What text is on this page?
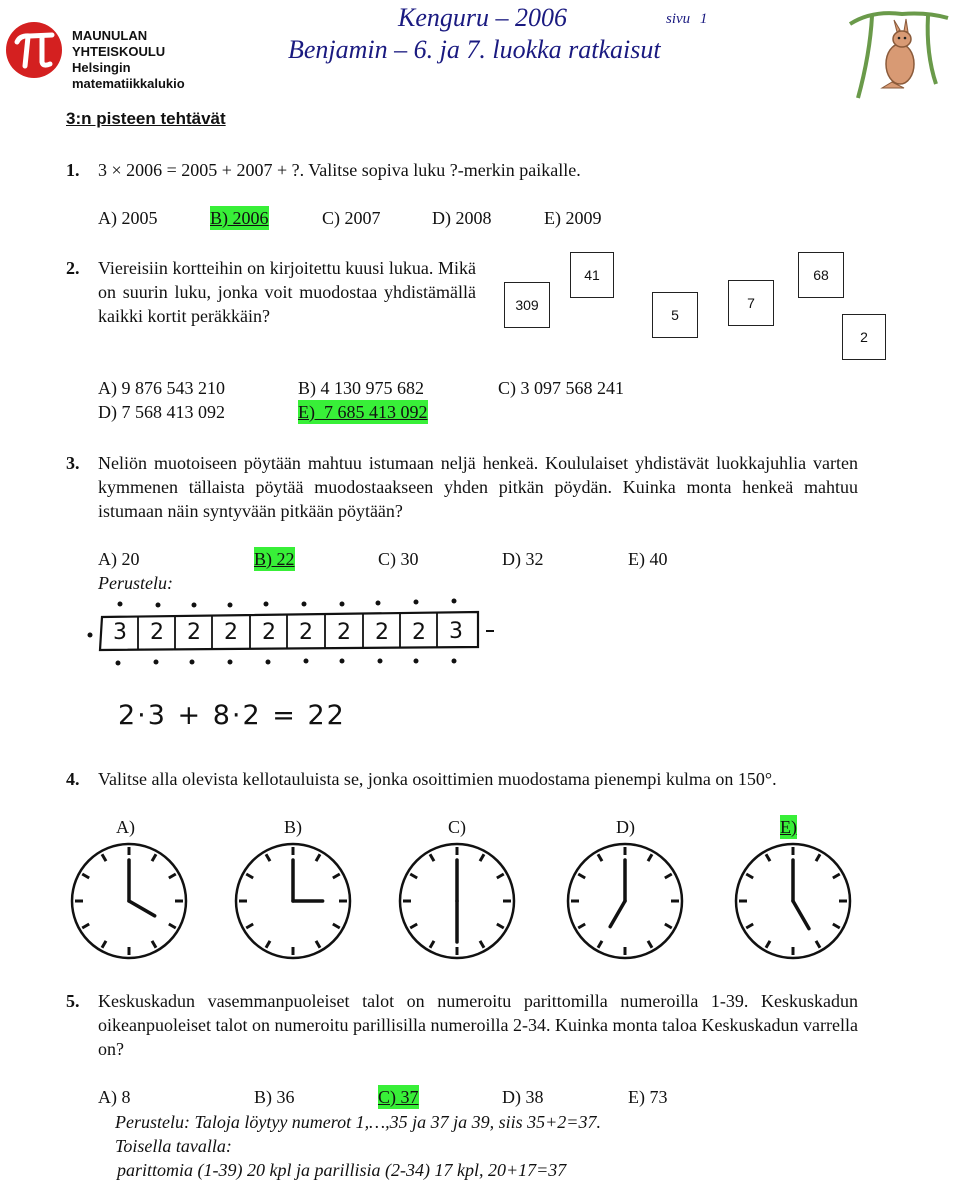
MAUNULAN
YHTEISKOULU
Helsingin
matematiikkalukio
Kenguru – 2006	sivu 1
Benjamin – 6. ja 7. luokka ratkaisut
3:n pisteen tehtävät
1. 3 × 2006 = 2005 + 2007 + ?. Valitse sopiva luku ?-merkin paikalle.
A) 2005	B) 2006	C) 2007	D) 2008	E) 2009
2. Viereisiin kortteihin on kirjoitettu kuusi lukua. Mikä on suurin luku, jonka voit muodostaa yhdistämällä kaikki kortit peräkkäin?
309
41
5
7
68
2
A) 9 876 543 210	B) 4 130 975 682	C) 3 097 568 241
D) 7 568 413 092	E)  7 685 413 092
3. Neliön muotoiseen pöytään mahtuu istumaan neljä henkeä. Koululaiset yhdistävät luokkajuhlia varten kymmenen tällaista pöytää muodostaakseen yhden pitkän pöydän. Kuinka monta henkeä mahtuu istumaan näin syntyvään pitkään pöytään?
A) 20	B) 22	C) 30	D) 32	E) 40
Perustelu:
3 2 2 2 2 2 2 2 2 3
2·3 + 8·2 = 22
4. Valitse alla olevista kellotauluista se, jonka osoittimien muodostama pienempi kulma on 150°.
A)	B)	C)	D)	E)
5. Keskuskadun vasemmanpuoleiset talot on numeroitu parittomilla numeroilla 1-39. Keskuskadun oikeanpuoleiset talot on numeroitu parillisilla numeroilla 2-34. Kuinka monta taloa Keskuskadun varrella on?
A) 8	B) 36	C) 37	D) 38	E) 73
Perustelu: Taloja löytyy numerot 1,…,35 ja 37 ja 39, siis 35+2=37.
Toisella tavalla:
parittomia (1-39) 20 kpl ja parillisia (2-34) 17 kpl, 20+17=37
